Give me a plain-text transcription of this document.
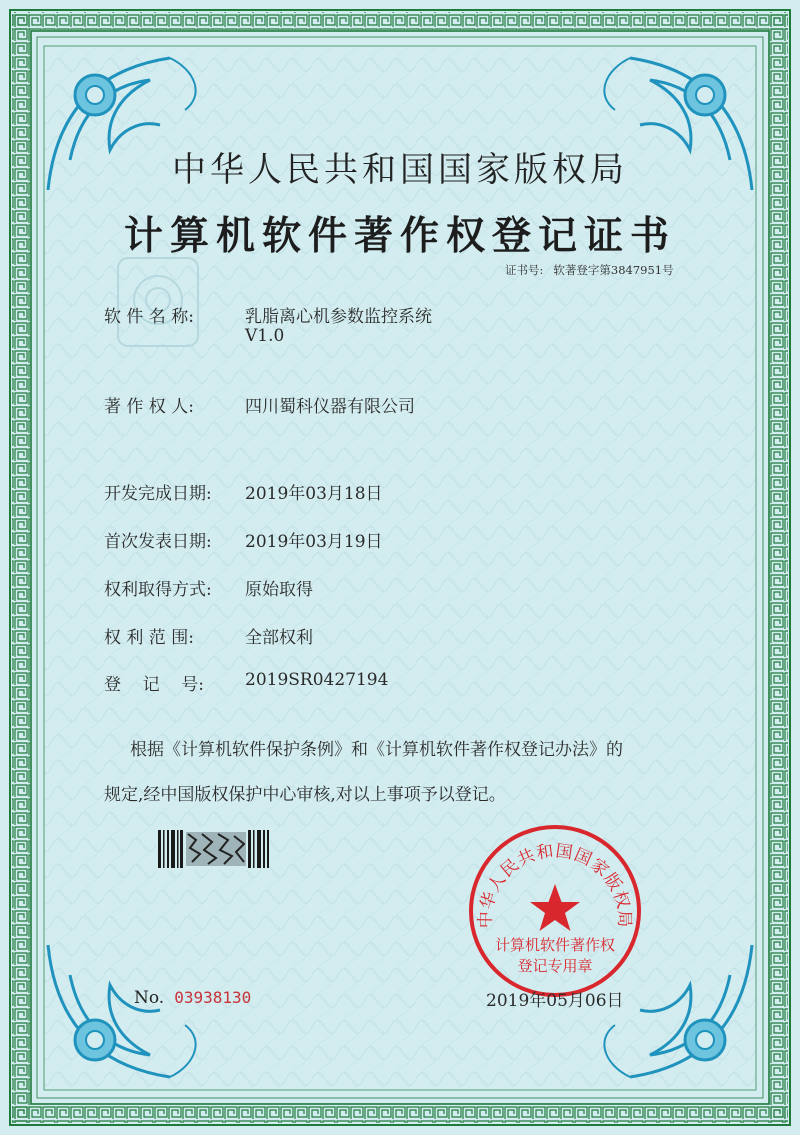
中华人民共和国国家版权局
计算机软件著作权登记证书
证书号: 软著登字第3847951号
软 件 名 称:	乳脂离心机参数监控系统
V1.0
著 作 权 人:	四川蜀科仪器有限公司
开发完成日期: 2019年03月18日
首次发表日期: 2019年03月19日
权利取得方式: 原始取得
权 利 范 围:	全部权利
登    记    号: 2019SR0427194
根据《计算机软件保护条例》和《计算机软件著作权登记办法》的
规定,经中国版权保护中心审核,对以上事项予以登记。
No. 03938130
中华人民共和国国家版权局
计算机软件著作权
登记专用章
2019年05月06日
